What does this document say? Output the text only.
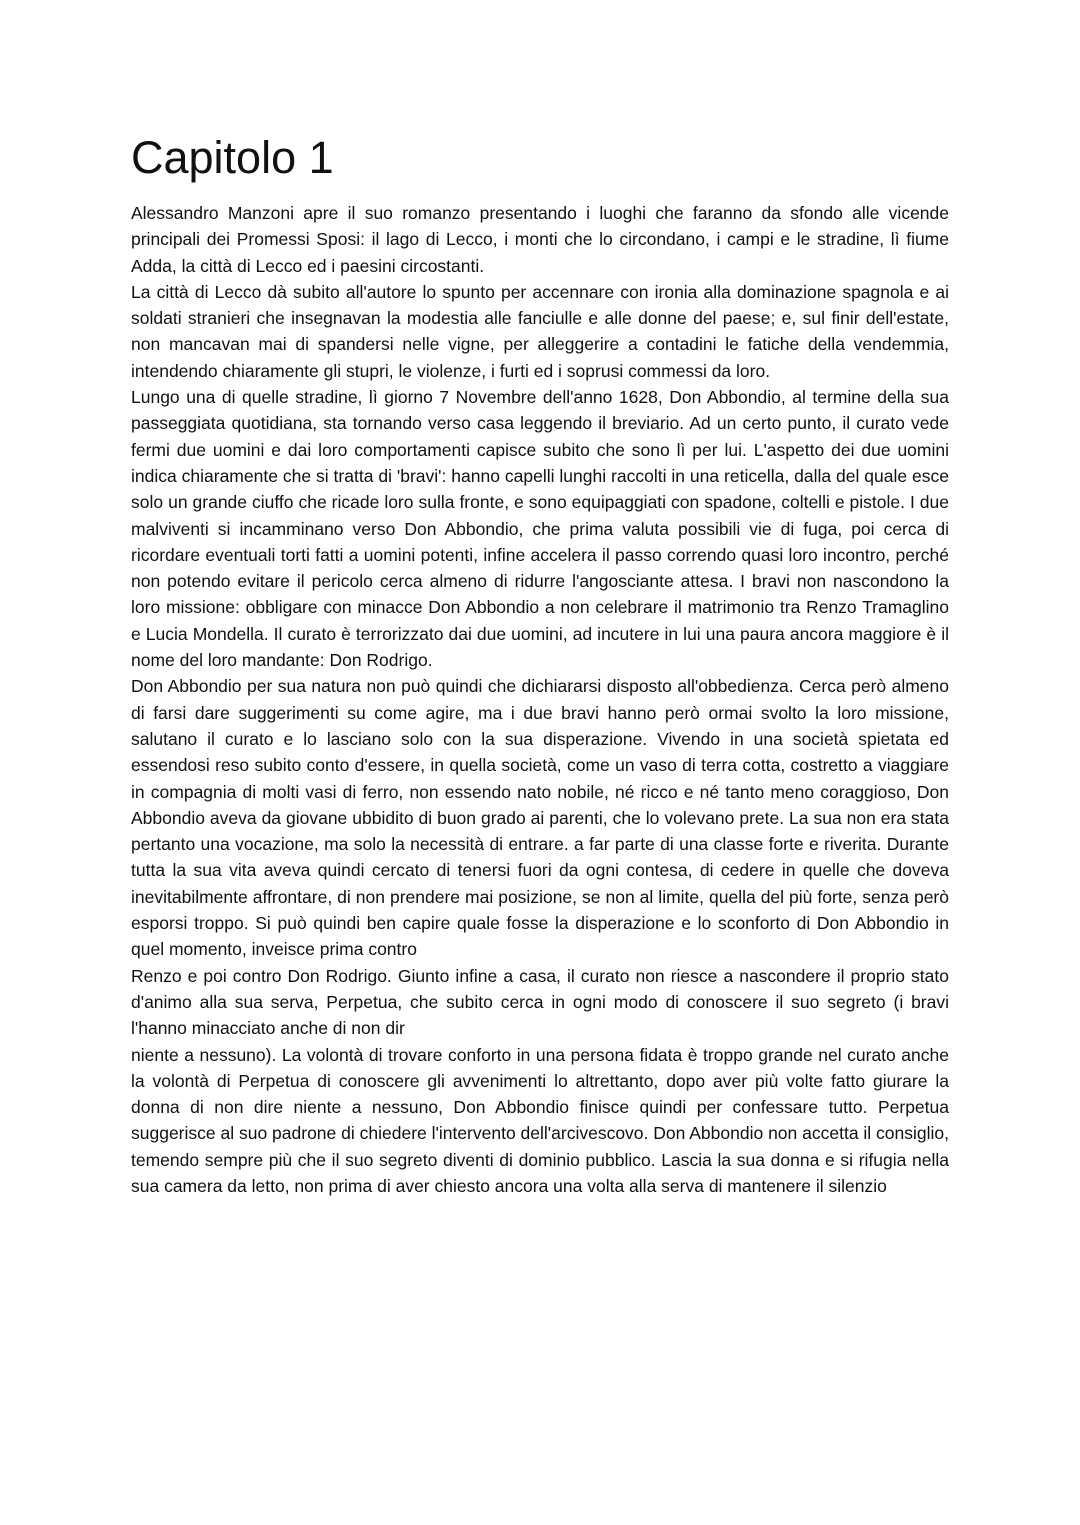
Capitolo 1

Alessandro Manzoni apre il suo romanzo presentando i luoghi che faranno da sfondo alle vicende principali dei Promessi Sposi: il lago di Lecco, i monti che lo circondano, i campi e le stradine, lì fiume Adda, la città di Lecco ed i paesini circostanti.

La città di Lecco dà subito all'autore lo spunto per accennare con ironia alla dominazione spagnola e ai soldati stranieri che insegnavan la modestia alle fanciulle e alle donne del paese; e, sul finir dell'estate, non mancavan mai di spandersi nelle vigne, per alleggerire a contadini le fatiche della vendemmia, intendendo chiaramente gli stupri, le violenze, i furti ed i soprusi commessi da loro.

Lungo una di quelle stradine, lì giorno 7 Novembre dell'anno 1628, Don Abbondio, al termine della sua passeggiata quotidiana, sta tornando verso casa leggendo il breviario. Ad un certo punto, il curato vede fermi due uomini e dai loro comportamenti capisce subito che sono lì per lui. L'aspetto dei due uomini indica chiaramente che si tratta di 'bravi': hanno capelli lunghi raccolti in una reticella, dalla del quale esce solo un grande ciuffo che ricade loro sulla fronte, e sono equipaggiati con spadone, coltelli e pistole. I due malviventi si incamminano verso Don Abbondio, che prima valuta possibili vie di fuga, poi cerca di ricordare eventuali torti fatti a uomini potenti, infine accelera il passo correndo quasi loro incontro, perché non potendo evitare il pericolo cerca almeno di ridurre l'angosciante attesa. I bravi non nascondono la loro missione: obbligare con minacce Don Abbondio a non celebrare il matrimonio tra Renzo Tramaglino e Lucia Mondella. Il curato è terrorizzato dai due uomini, ad incutere in lui una paura ancora maggiore è il nome del loro mandante: Don Rodrigo.

Don Abbondio per sua natura non può quindi che dichiararsi disposto all'obbedienza. Cerca però almeno di farsi dare suggerimenti su come agire, ma i due bravi hanno però ormai svolto la loro missione, salutano il curato e lo lasciano solo con la sua disperazione. Vivendo in una società spietata ed essendosi reso subito conto d'essere, in quella società, come un vaso di terra cotta, costretto a viaggiare in compagnia di molti vasi di ferro, non essendo nato nobile, né ricco e né tanto meno coraggioso, Don Abbondio aveva da giovane ubbidito di buon grado ai parenti, che lo volevano prete. La sua non era stata pertanto una vocazione, ma solo la necessità di entrare. a far parte di una classe forte e riverita. Durante tutta la sua vita aveva quindi cercato di tenersi fuori da ogni contesa, di cedere in quelle che doveva inevitabilmente affrontare, di non prendere mai posizione, se non al limite, quella del più forte, senza però esporsi troppo. Si può quindi ben capire quale fosse la disperazione e lo sconforto di Don Abbondio in quel momento, inveisce prima contro

Renzo e poi contro Don Rodrigo. Giunto infine a casa, il curato non riesce a nascondere il proprio stato d'animo alla sua serva, Perpetua, che subito cerca in ogni modo di conoscere il suo segreto (i bravi l'hanno minacciato anche di non dir

niente a nessuno). La volontà di trovare conforto in una persona fidata è troppo grande nel curato anche la volontà di Perpetua di conoscere gli avvenimenti lo altrettanto, dopo aver più volte fatto giurare la donna di non dire niente a nessuno, Don Abbondio finisce quindi per confessare tutto. Perpetua suggerisce al suo padrone di chiedere l'intervento dell'arcivescovo. Don Abbondio non accetta il consiglio, temendo sempre più che il suo segreto diventi di dominio pubblico. Lascia la sua donna e si rifugia nella sua camera da letto, non prima di aver chiesto ancora una volta alla serva di mantenere il silenzio
